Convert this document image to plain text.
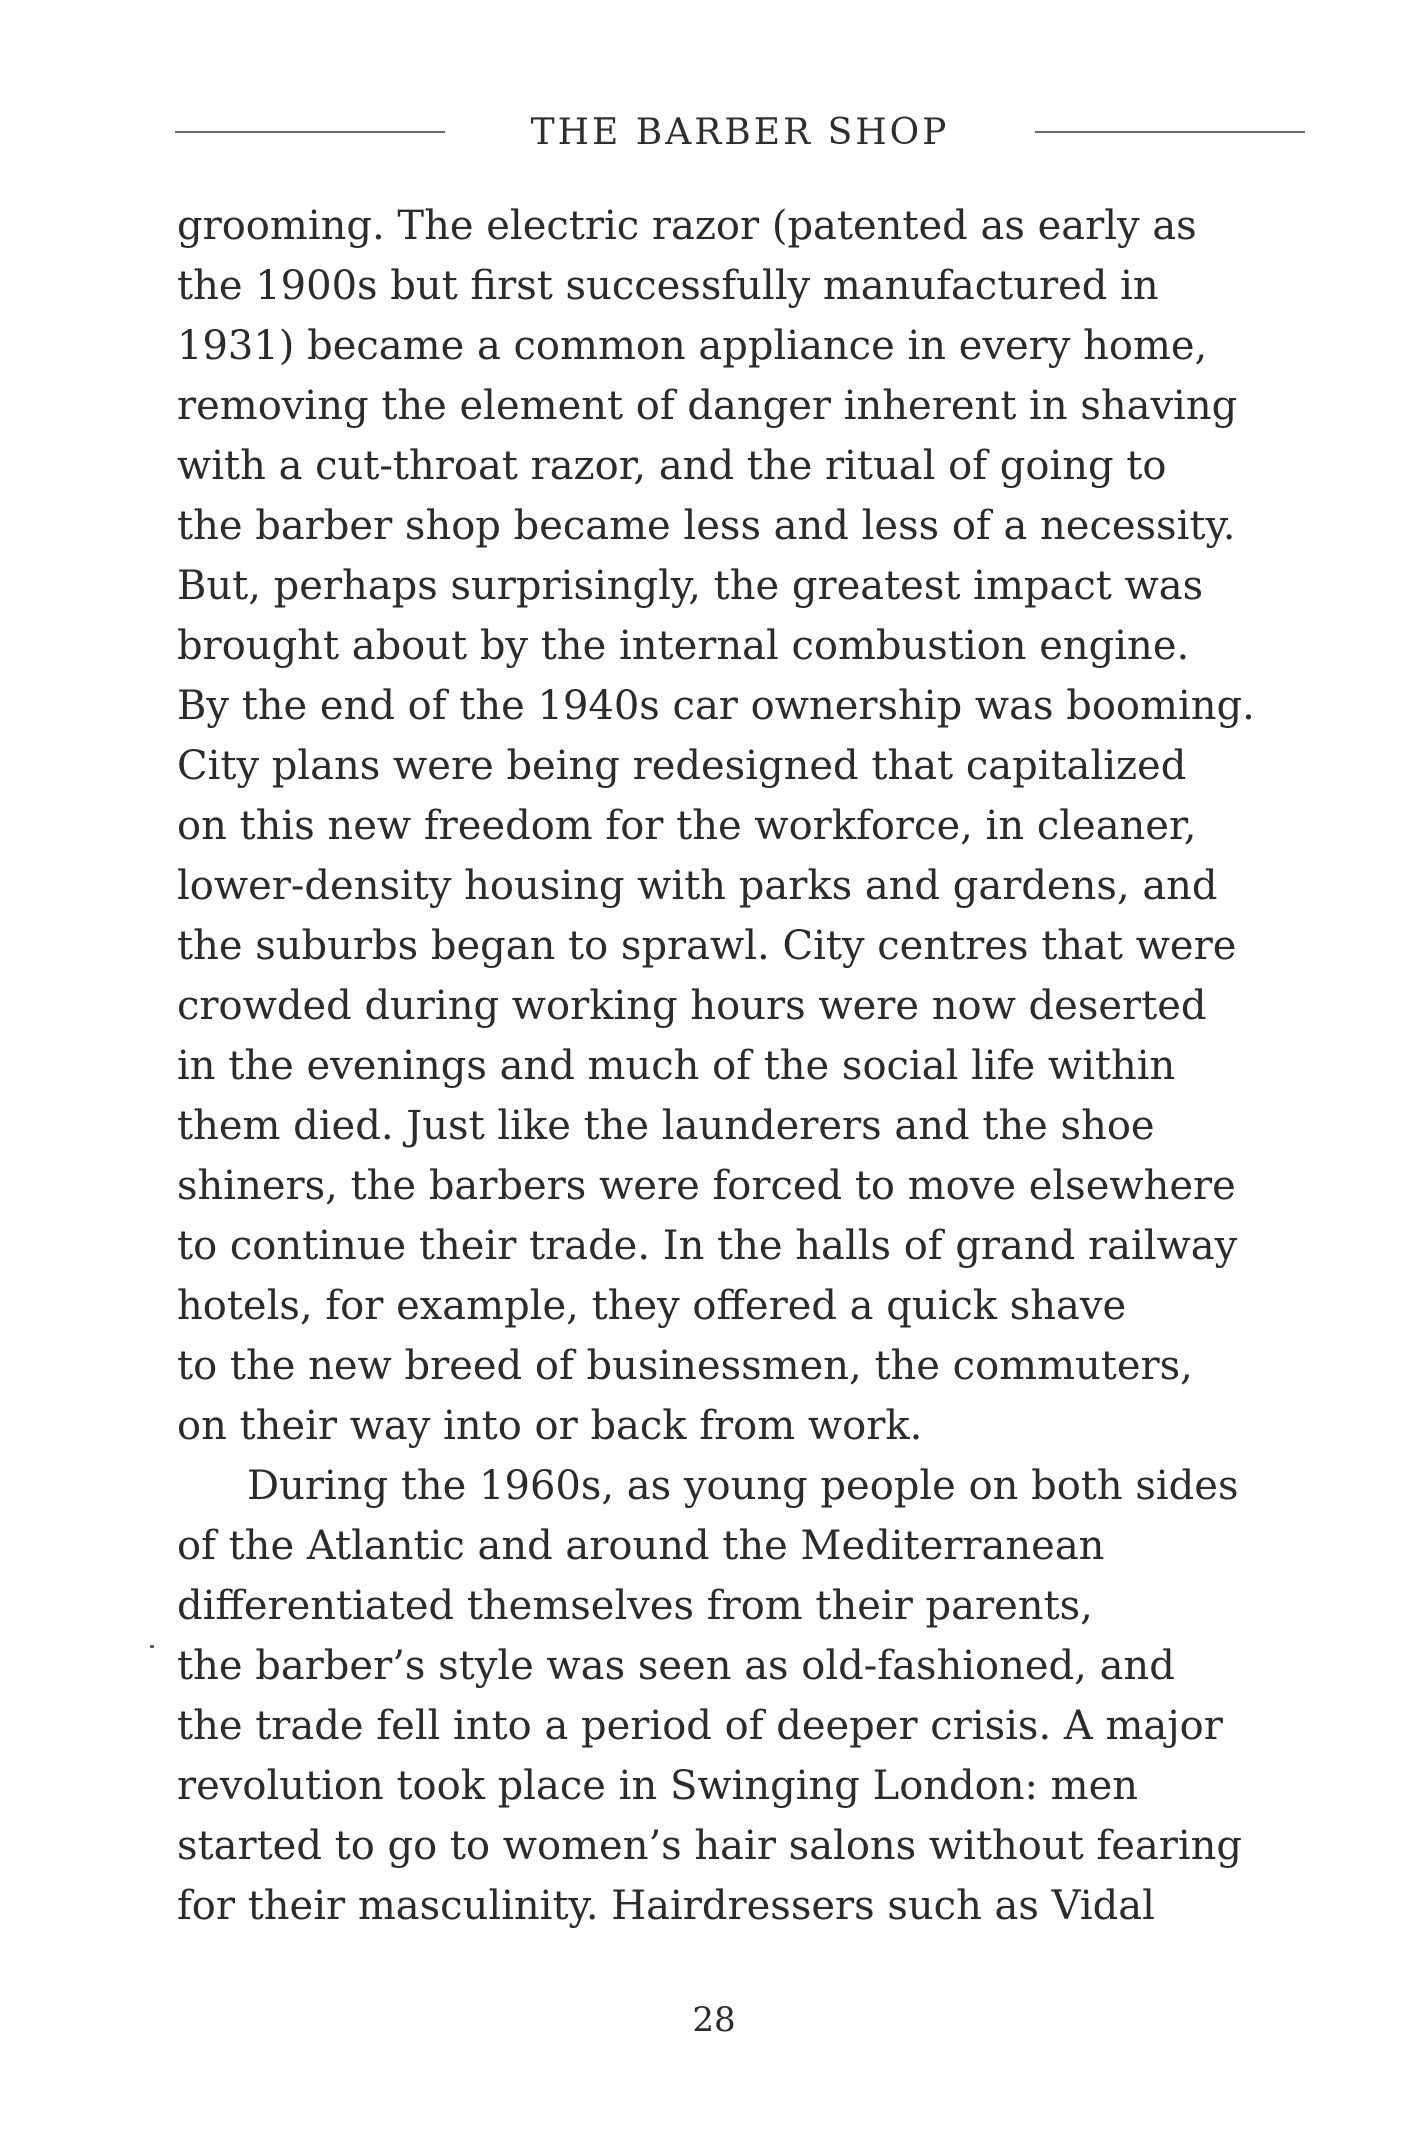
THE BARBER SHOP
grooming. The electric razor (patented as early as
the 1900s but first successfully manufactured in
1931) became a common appliance in every home,
removing the element of danger inherent in shaving
with a cut-throat razor, and the ritual of going to
the barber shop became less and less of a necessity.
But, perhaps surprisingly, the greatest impact was
brought about by the internal combustion engine.
By the end of the 1940s car ownership was booming.
City plans were being redesigned that capitalized
on this new freedom for the workforce, in cleaner,
lower-density housing with parks and gardens, and
the suburbs began to sprawl. City centres that were
crowded during working hours were now deserted
in the evenings and much of the social life within
them died. Just like the launderers and the shoe
shiners, the barbers were forced to move elsewhere
to continue their trade. In the halls of grand railway
hotels, for example, they offered a quick shave
to the new breed of businessmen, the commuters,
on their way into or back from work.
During the 1960s, as young people on both sides
of the Atlantic and around the Mediterranean
differentiated themselves from their parents,
the barber’s style was seen as old-fashioned, and
the trade fell into a period of deeper crisis. A major
revolution took place in Swinging London: men
started to go to women’s hair salons without fearing
for their masculinity. Hairdressers such as Vidal
28
